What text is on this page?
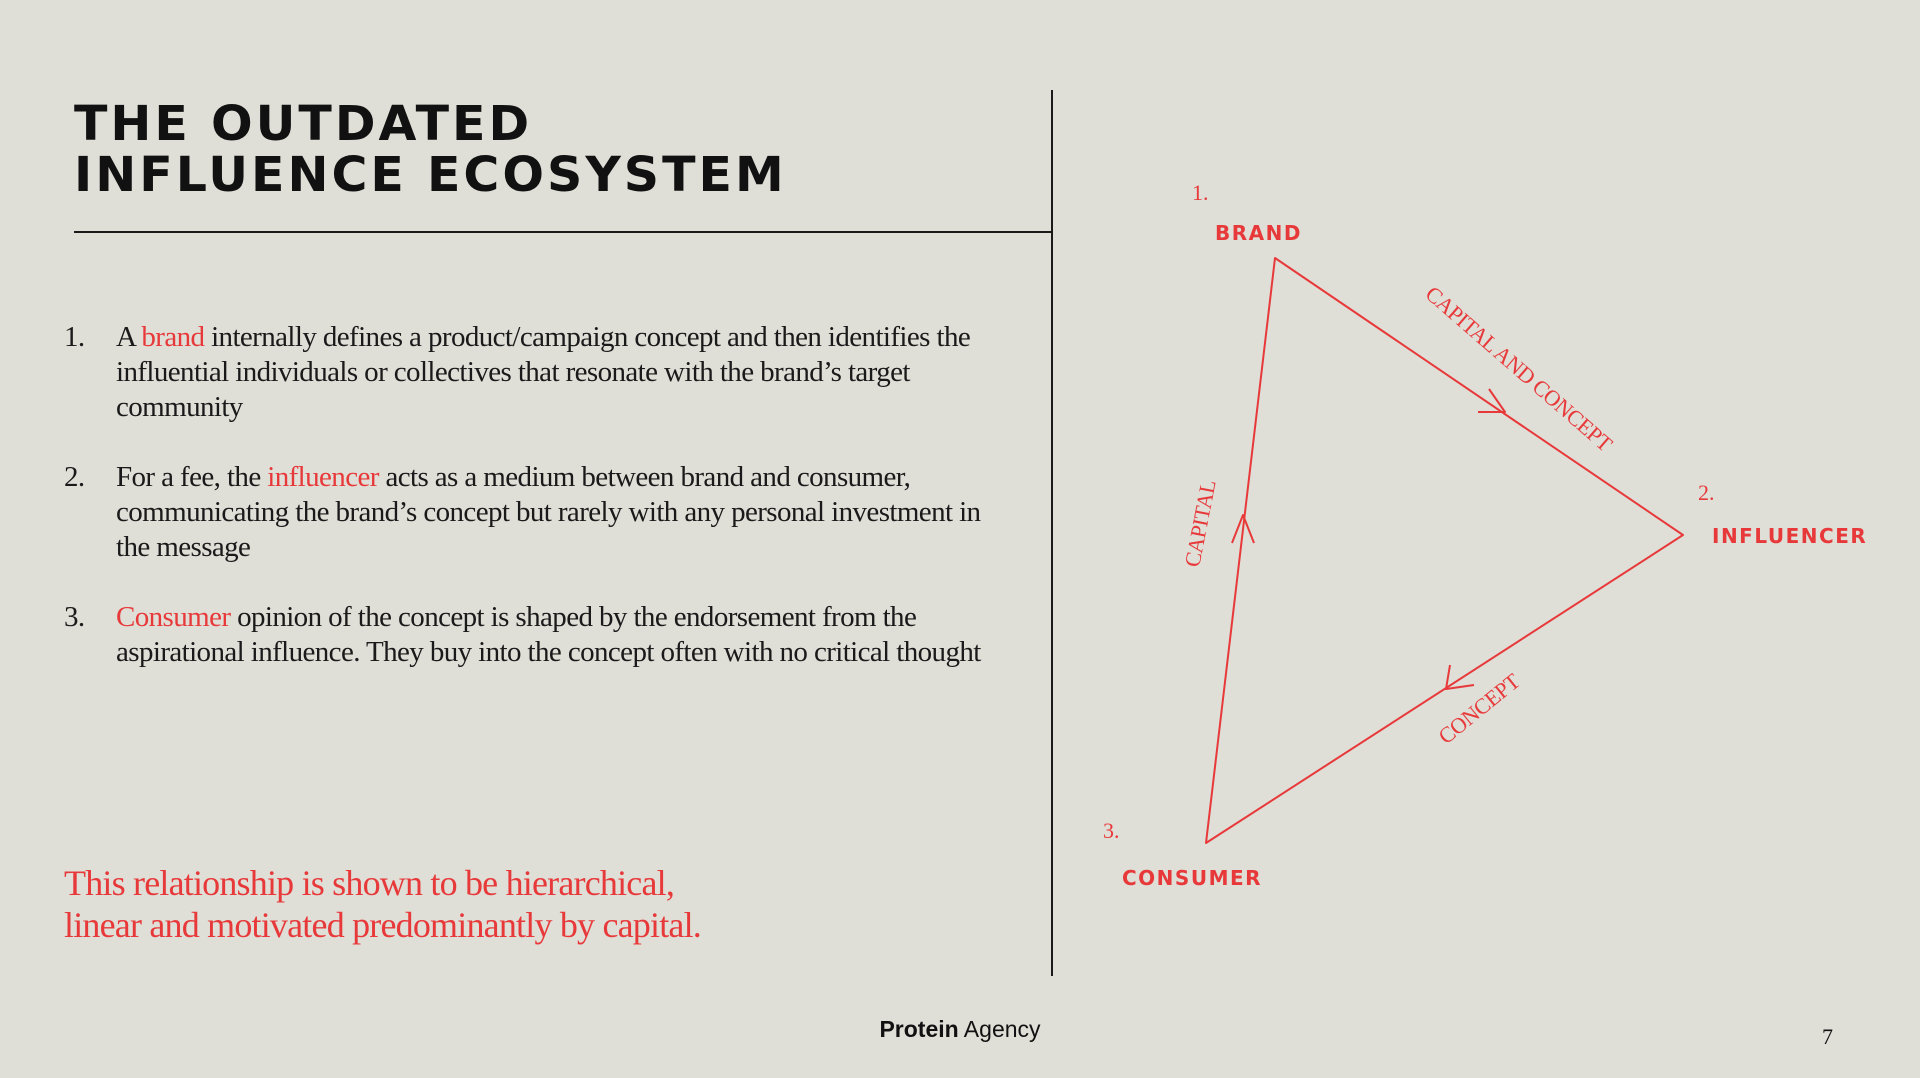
THE OUTDATED
INFLUENCE ECOSYSTEM
1. A brand internally defines a product/campaign concept and then identifies the influential individuals or collectives that resonate with the brand’s target community
2. For a fee, the influencer acts as a medium between brand and consumer, communicating the brand’s concept but rarely with any personal investment in the message
3. Consumer opinion of the concept is shaped by the endorsement from the aspirational influence. They buy into the concept often with no critical thought
This relationship is shown to be hierarchical,
linear and motivated predominantly by capital.
1.
BRAND
2.
INFLUENCER
3.
CONSUMER
CAPITAL AND CONCEPT
CONCEPT
CAPITAL
Protein Agency	7
